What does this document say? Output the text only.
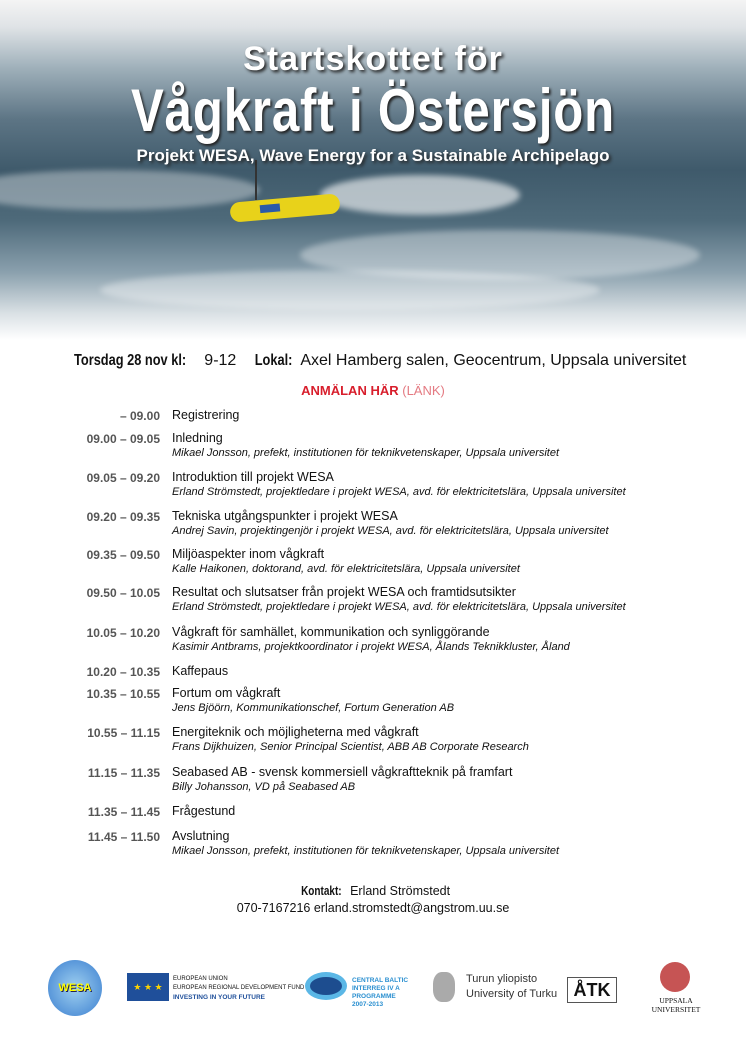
Startskottet för
Vågkraft i Östersjön
Projekt WESA, Wave Energy for a Sustainable Archipelago
Torsdag 28 nov kl: 9-12 Lokal: Axel Hamberg salen, Geocentrum, Uppsala universitet
ANMÄLAN HÄR (LÄNK)
– 09.00 Registrering
09.00 – 09.05 Inledning
Mikael Jonsson, prefekt, institutionen för teknikvetenskaper, Uppsala universitet
09.05 – 09.20 Introduktion till projekt WESA
Erland Strömstedt, projektledare i projekt WESA, avd. för elektricitetslära, Uppsala universitet
09.20 – 09.35 Tekniska utgångspunkter i projekt WESA
Andrej Savin, projektingenjör i projekt WESA, avd. för elektricitetslära, Uppsala universitet
09.35 – 09.50 Miljöaspekter inom vågkraft
Kalle Haikonen, doktorand, avd. för elektricitetslära, Uppsala universitet
09.50 – 10.05 Resultat och slutsatser från projekt WESA och framtidsutsikter
Erland Strömstedt, projektledare i projekt WESA, avd. för elektricitetslära, Uppsala universitet
10.05 – 10.20 Vågkraft för samhället, kommunikation och synliggörande
Kasimir Antbrams, projektkoordinator i projekt WESA, Ålands Teknikkluster, Åland
10.20 – 10.35 Kaffepaus
10.35 – 10.55 Fortum om vågkraft
Jens Bjöörn, Kommunikationschef, Fortum Generation AB
10.55 – 11.15 Energiteknik och möjligheterna med vågkraft
Frans Dijkhuizen, Senior Principal Scientist, ABB AB Corporate Research
11.15 – 11.35 Seabased AB - svensk kommersiell vågkraftteknik på framfart
Billy Johansson, VD på Seabased AB
11.35 – 11.45 Frågestund
11.45 – 11.50 Avslutning
Mikael Jonsson, prefekt, institutionen för teknikvetenskaper, Uppsala universitet
Kontakt: Erland Strömstedt
070-7167216 erland.stromstedt@angstrom.uu.se
WESA	★ ★ ★
EUROPEAN UNION
EUROPEAN REGIONAL DEVELOPMENT FUND
INVESTING IN YOUR FUTURE
CENTRAL BALTIC INTERREG IV A PROGRAMME 2007-2013
Turun yliopisto
University of Turku ÅTK
UPPSALA UNIVERSITET
